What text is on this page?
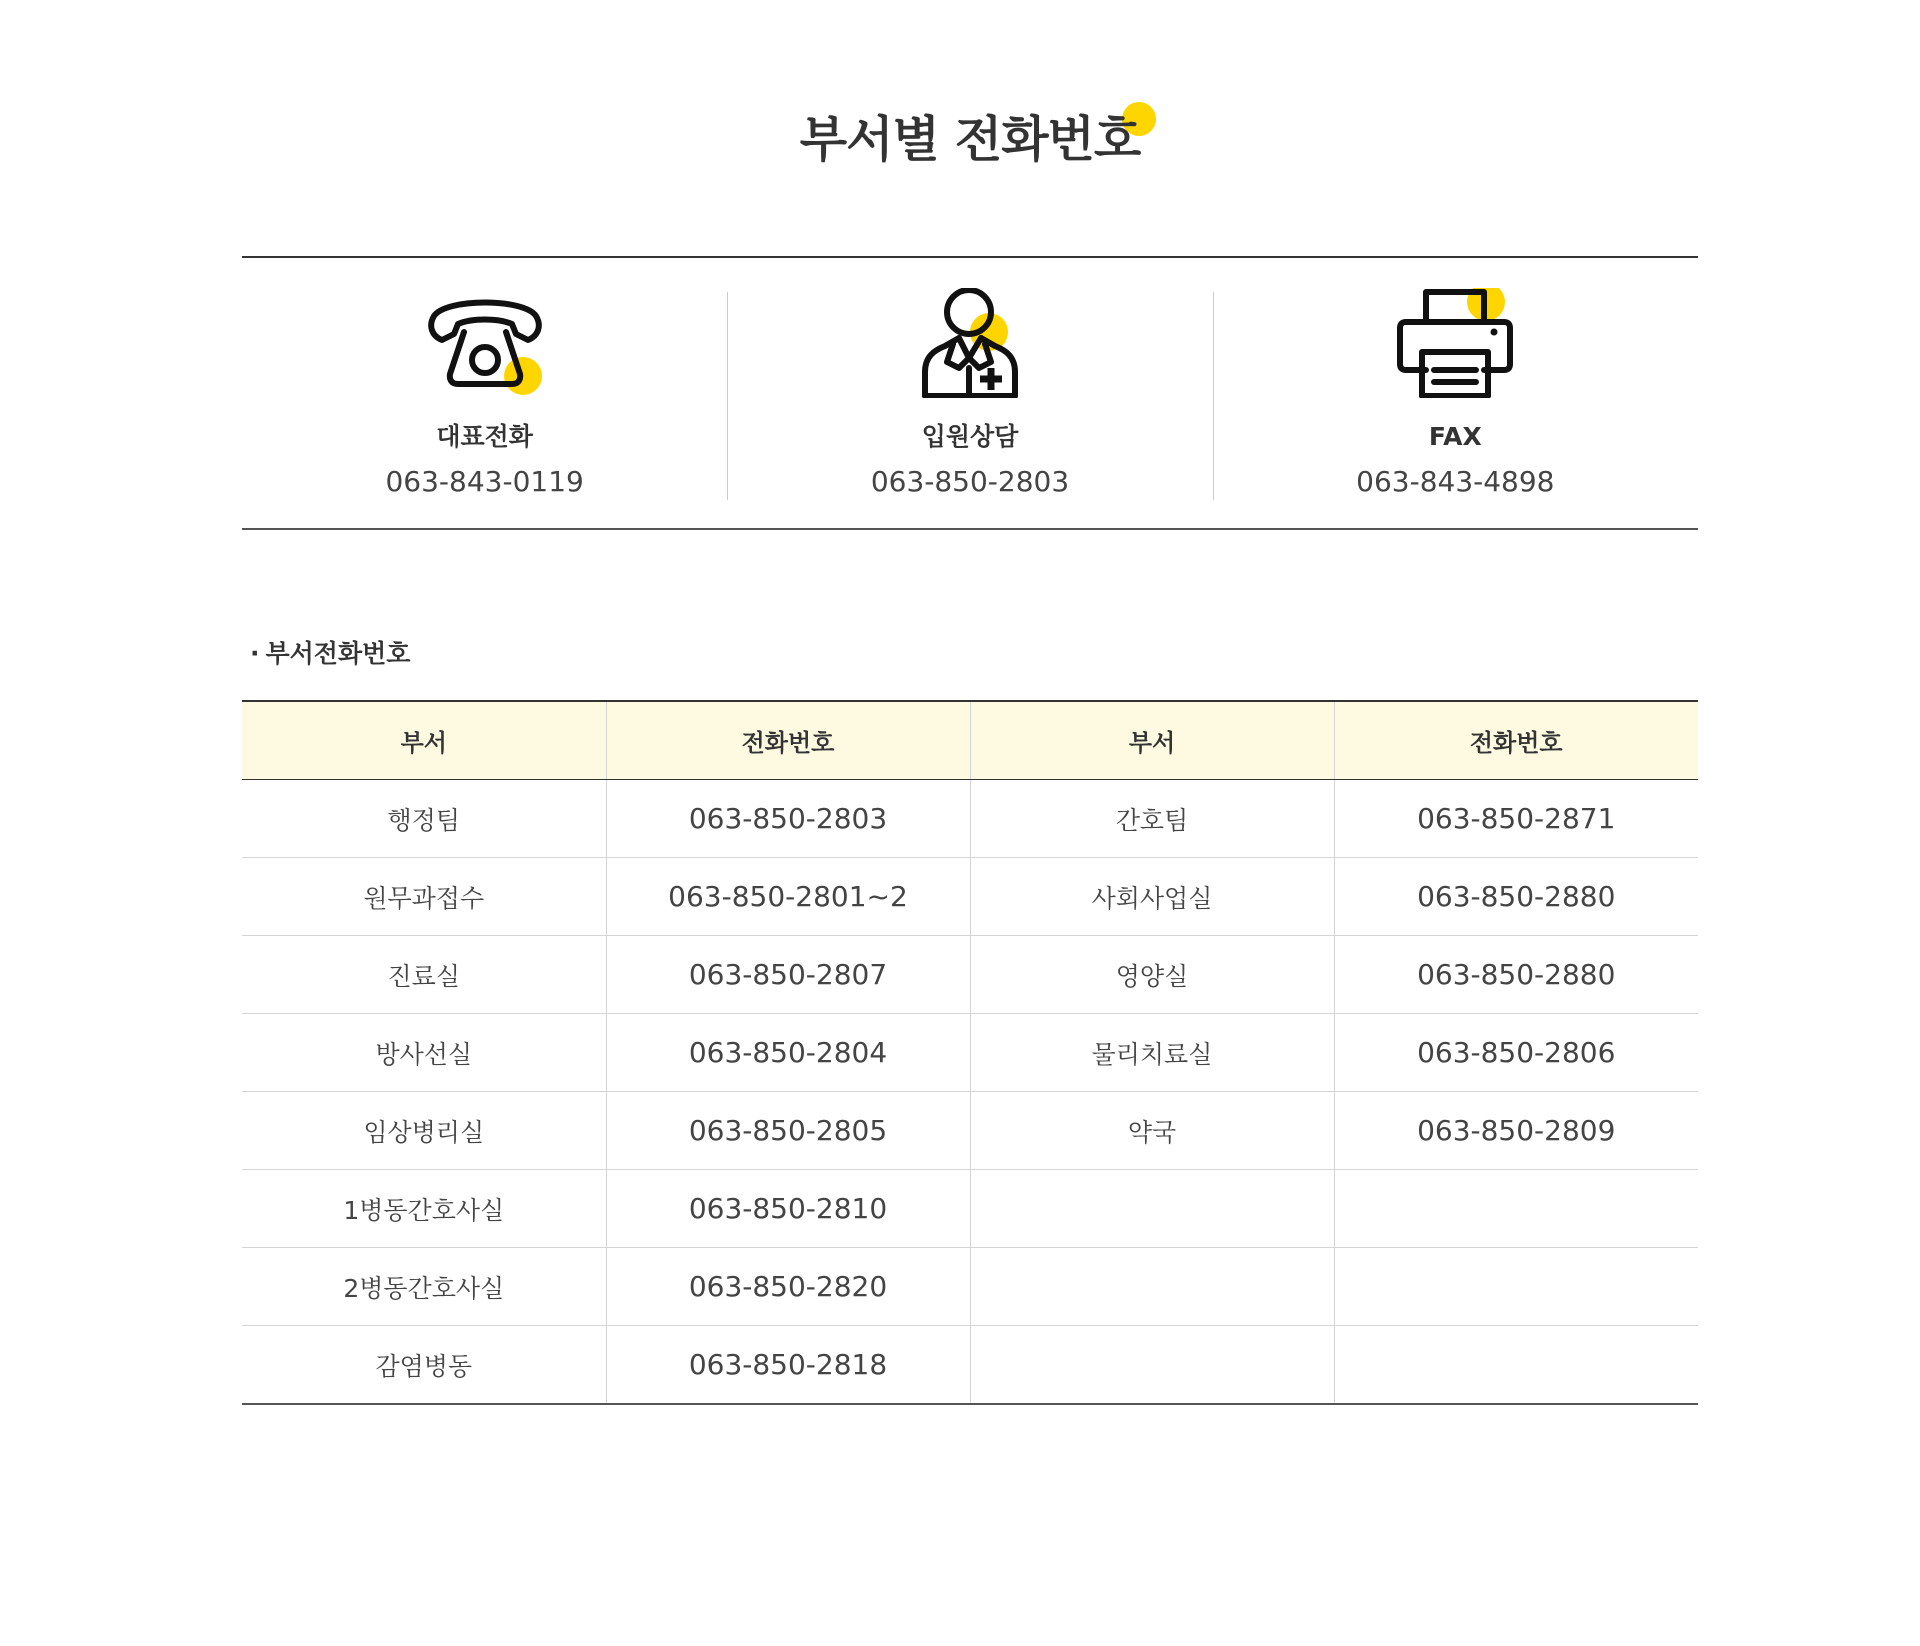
부서별 전화번호
대표전화
063-843-0119
입원상담
063-850-2803
FAX
063-843-4898
· 부서전화번호
부서	전화번호	부서	전화번호
행정팀	063-850-2803	간호팀	063-850-2871
원무과접수	063-850-2801~2	사회사업실	063-850-2880
진료실	063-850-2807	영양실	063-850-2880
방사선실	063-850-2804	물리치료실	063-850-2806
임상병리실	063-850-2805	약국	063-850-2809
1병동간호사실	063-850-2810		
2병동간호사실	063-850-2820		
감염병동	063-850-2818		
